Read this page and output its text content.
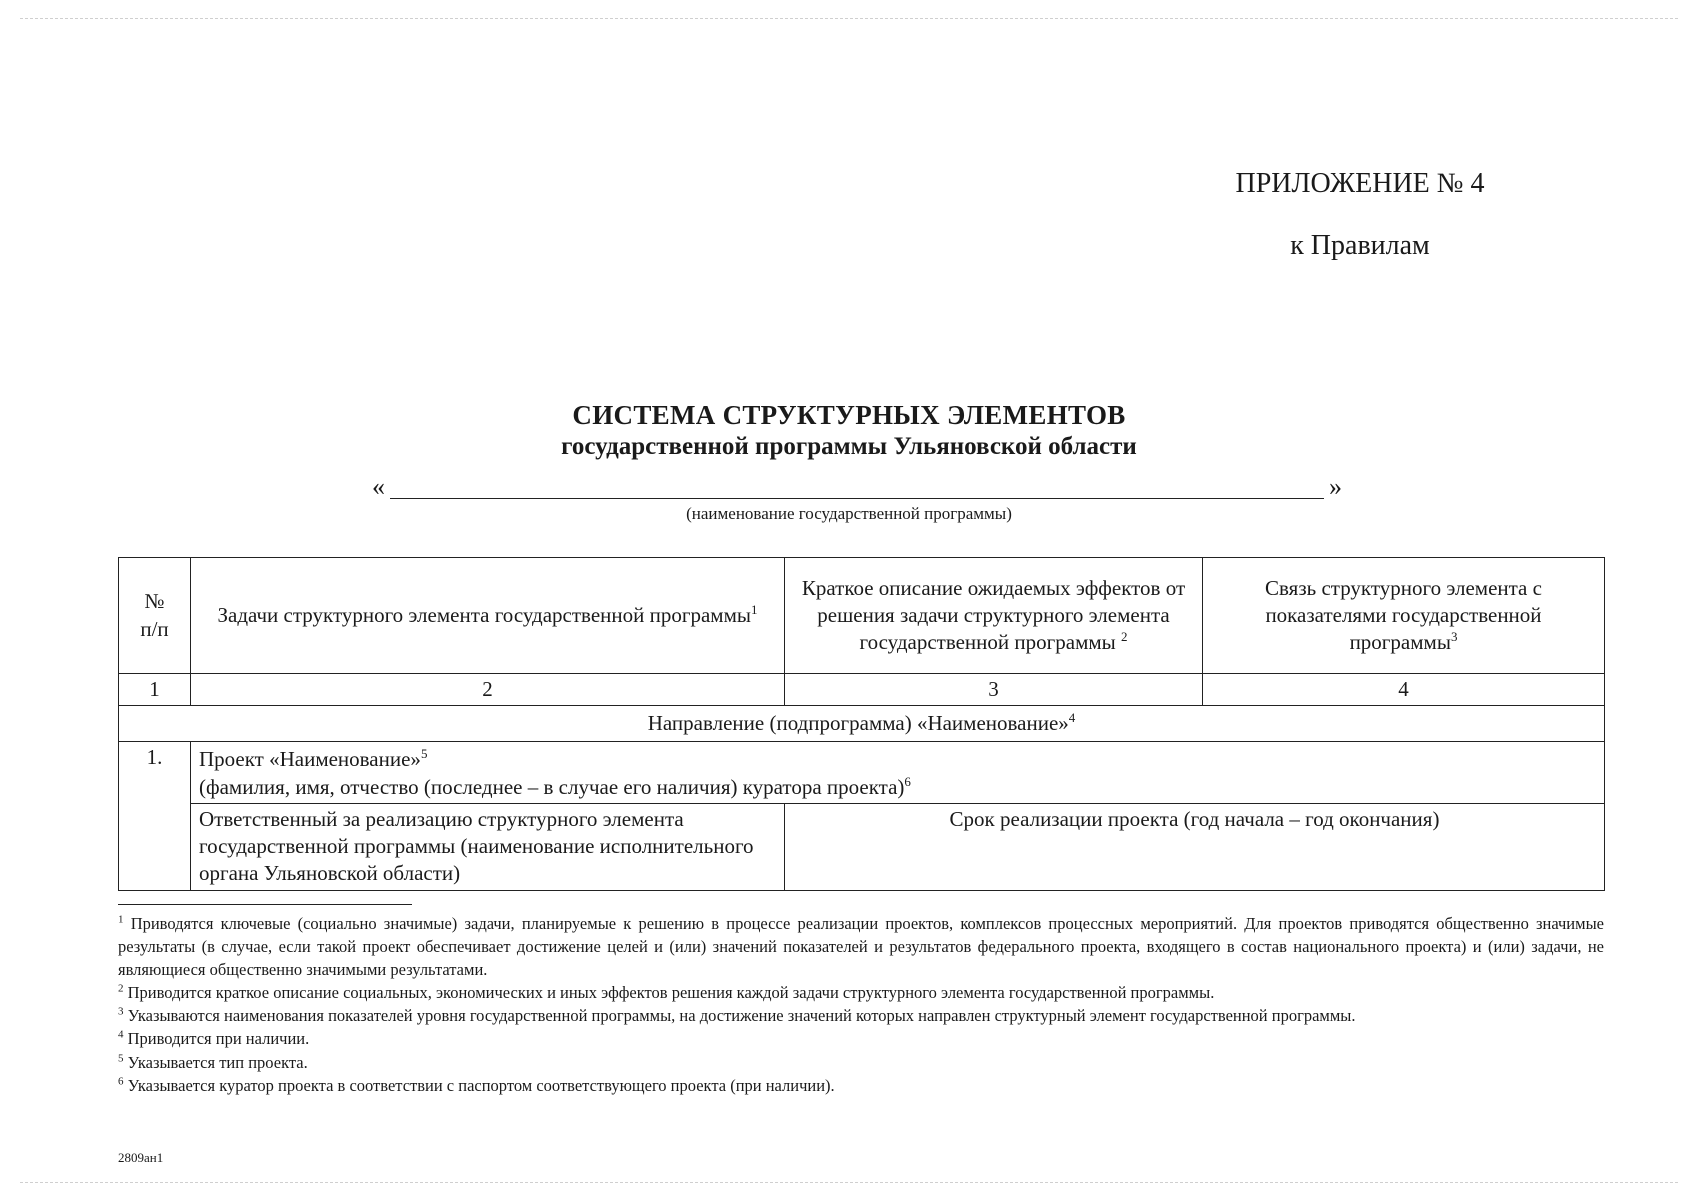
ПРИЛОЖЕНИЕ № 4
к Правилам
СИСТЕМА СТРУКТУРНЫХ ЭЛЕМЕНТОВ
государственной программы Ульяновской области
«	»
(наименование государственной программы)
№
п/п	Задачи структурного элемента государственной программы$^1$	Краткое описание ожидаемых эффектов от решения задачи структурного элемента государственной программы $^2$	Связь структурного элемента с показателями государственной программы$^3$
1	2	3	4
Направление (подпрограмма) «Наименование»$^4$
1.	Проект «Наименование»$^5$
(фамилия, имя, отчество (последнее – в случае его наличия) куратора проекта)$^6$

	Ответственный за реализацию структурного элемента государственной программы (наименование исполнительного органа Ульяновской области)	Срок реализации проекта (год начала – год окончания)	

$^1$ Приводятся ключевые (социально значимые) задачи, планируемые к решению в процессе реализации проектов, комплексов процессных мероприятий. Для проектов приводятся общественно значимые результаты (в случае, если такой проект обеспечивает достижение целей и (или) значений показателей и результатов федерального проекта, входящего в состав национального проекта) и (или) задачи, не являющиеся общественно значимыми результатами.

$^2$ Приводится краткое описание социальных, экономических и иных эффектов решения каждой задачи структурного элемента государственной программы.

$^3$ Указываются наименования показателей уровня государственной программы, на достижение значений которых направлен структурный элемент государственной программы.

$^4$ Приводится при наличии.

$^5$ Указывается тип проекта.

$^6$ Указывается куратор проекта в соответствии с паспортом соответствующего проекта (при наличии).

2809ан1
